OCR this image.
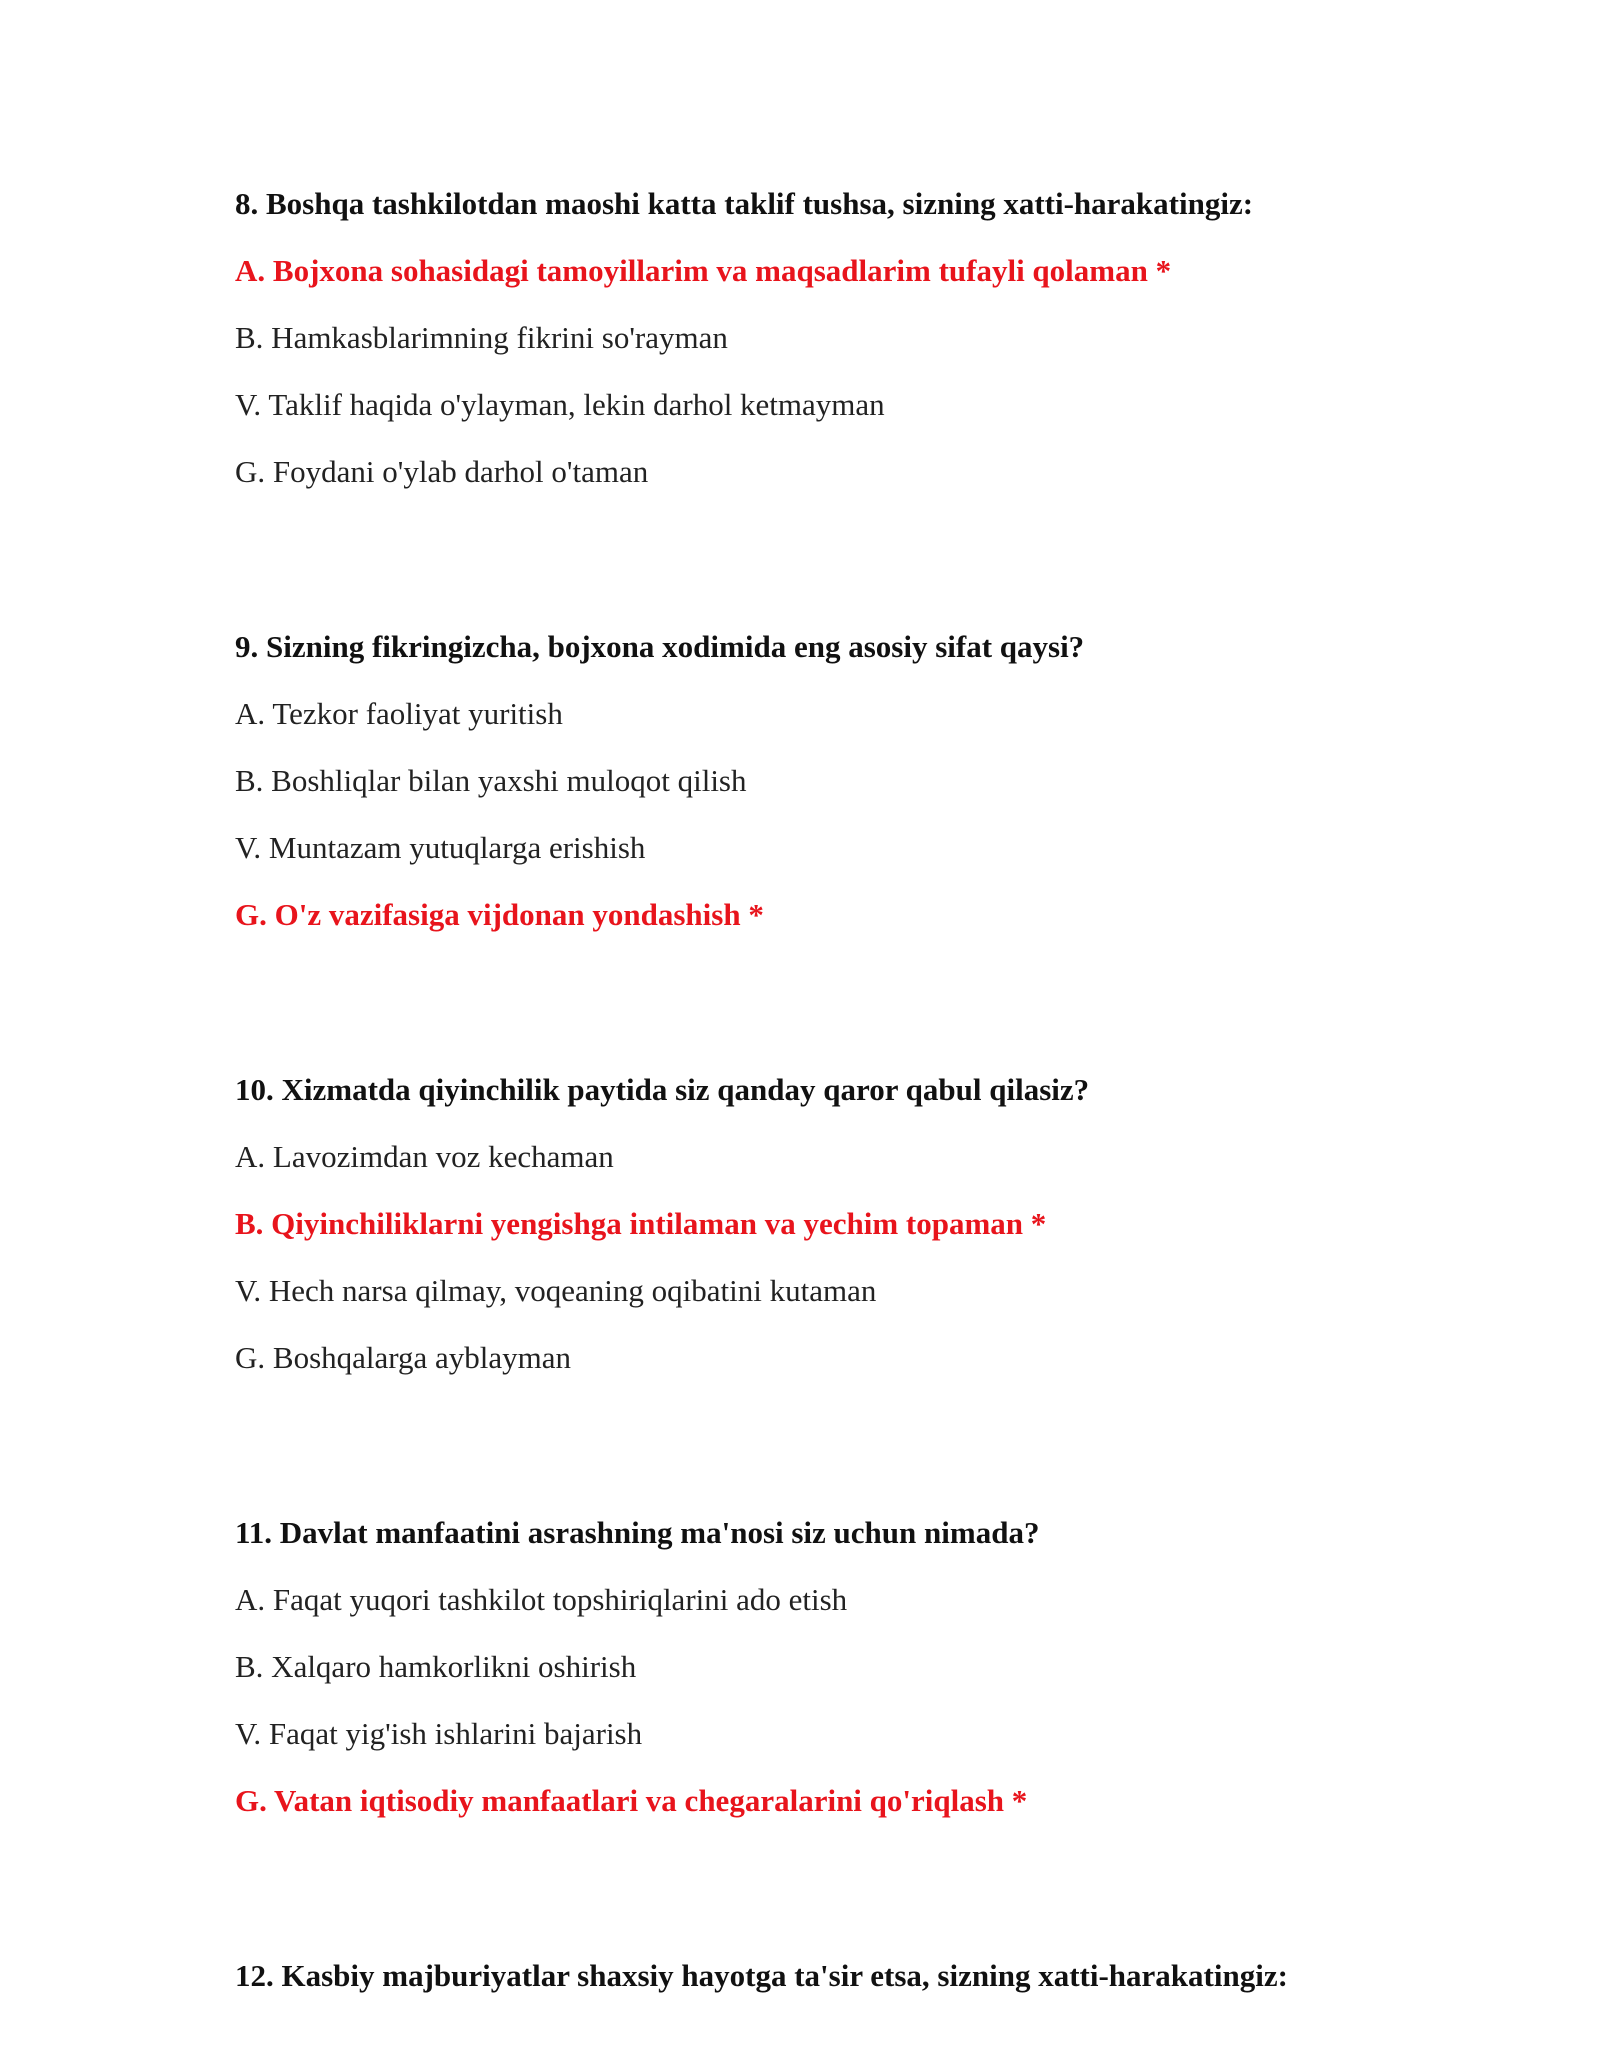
8. Boshqa tashkilotdan maoshi katta taklif tushsa, sizning xatti-harakatingiz:
A. Bojxona sohasidagi tamoyillarim va maqsadlarim tufayli qolaman *
B. Hamkasblarimning fikrini so'rayman
V. Taklif haqida o'ylayman, lekin darhol ketmayman
G. Foydani o'ylab darhol o'taman
9. Sizning fikringizcha, bojxona xodimida eng asosiy sifat qaysi?
A. Tezkor faoliyat yuritish
B. Boshliqlar bilan yaxshi muloqot qilish
V. Muntazam yutuqlarga erishish
G. O'z vazifasiga vijdonan yondashish *
10. Xizmatda qiyinchilik paytida siz qanday qaror qabul qilasiz?
A. Lavozimdan voz kechaman
B. Qiyinchiliklarni yengishga intilaman va yechim topaman *
V. Hech narsa qilmay, voqeaning oqibatini kutaman
G. Boshqalarga ayblayman
11. Davlat manfaatini asrashning ma'nosi siz uchun nimada?
A. Faqat yuqori tashkilot topshiriqlarini ado etish
B. Xalqaro hamkorlikni oshirish
V. Faqat yig'ish ishlarini bajarish
G. Vatan iqtisodiy manfaatlari va chegaralarini qo'riqlash *
12. Kasbiy majburiyatlar shaxsiy hayotga ta'sir etsa, sizning xatti-harakatingiz:
